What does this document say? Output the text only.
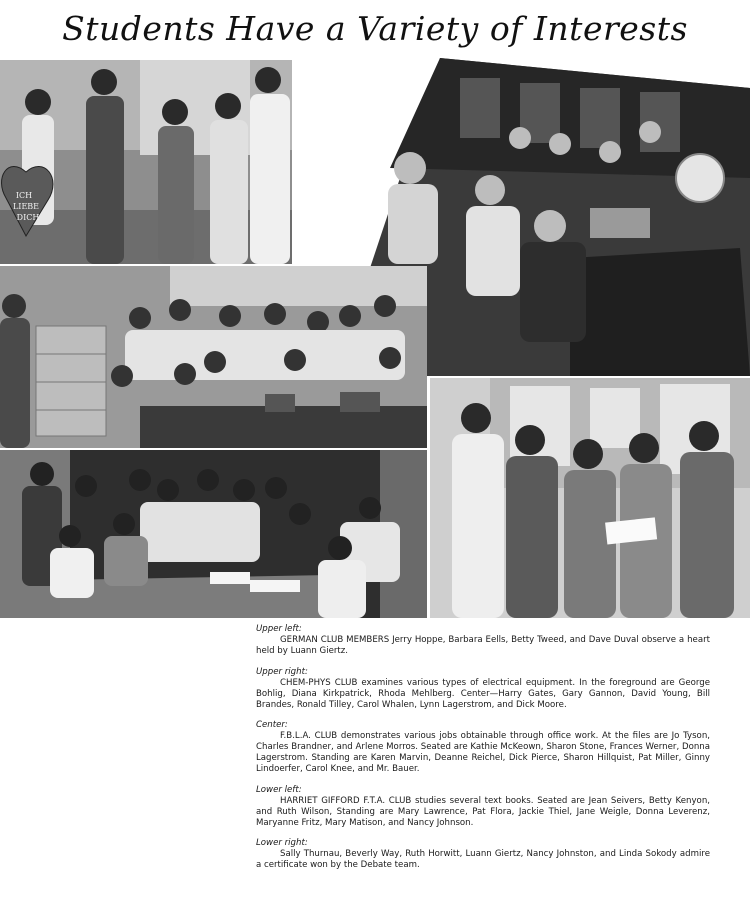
Students Have a Variety of Interests
ICH
LIEBE
DICH
Upper left:
GERMAN CLUB MEMBERS Jerry Hoppe, Barbara Eells, Betty Tweed, and Dave Duval observe a heart held by Luann Giertz.
Upper right:
CHEM-PHYS CLUB examines various types of electrical equipment. In the foreground are George Bohlig, Diana Kirkpatrick, Rhoda Mehlberg. Center—Harry Gates, Gary Gannon, David Young, Bill Brandes, Ronald Tilley, Carol Whalen, Lynn Lagerstrom, and Dick Moore.
Center:
F.B.L.A. CLUB demonstrates various jobs obtainable through office work. At the files are Jo Tyson, Charles Brandner, and Arlene Morros. Seated are Kathie McKeown, Sharon Stone, Frances Werner, Donna Lagerstrom. Standing are Karen Marvin, Deanne Reichel, Dick Pierce, Sharon Hillquist, Pat Miller, Ginny Lindoerfer, Carol Knee, and Mr. Bauer.
Lower left:
HARRIET GIFFORD F.T.A. CLUB studies several text books. Seated are Jean Seivers, Betty Kenyon, and Ruth Wilson, Standing are Mary Lawrence, Pat Flora, Jackie Thiel, Jane Weigle, Donna Leverenz, Maryanne Fritz, Mary Matison, and Nancy Johnson.
Lower right:
Sally Thurnau, Beverly Way, Ruth Horwitt, Luann Giertz, Nancy Johnston, and Linda Sokody admire a certificate won by the Debate team.
